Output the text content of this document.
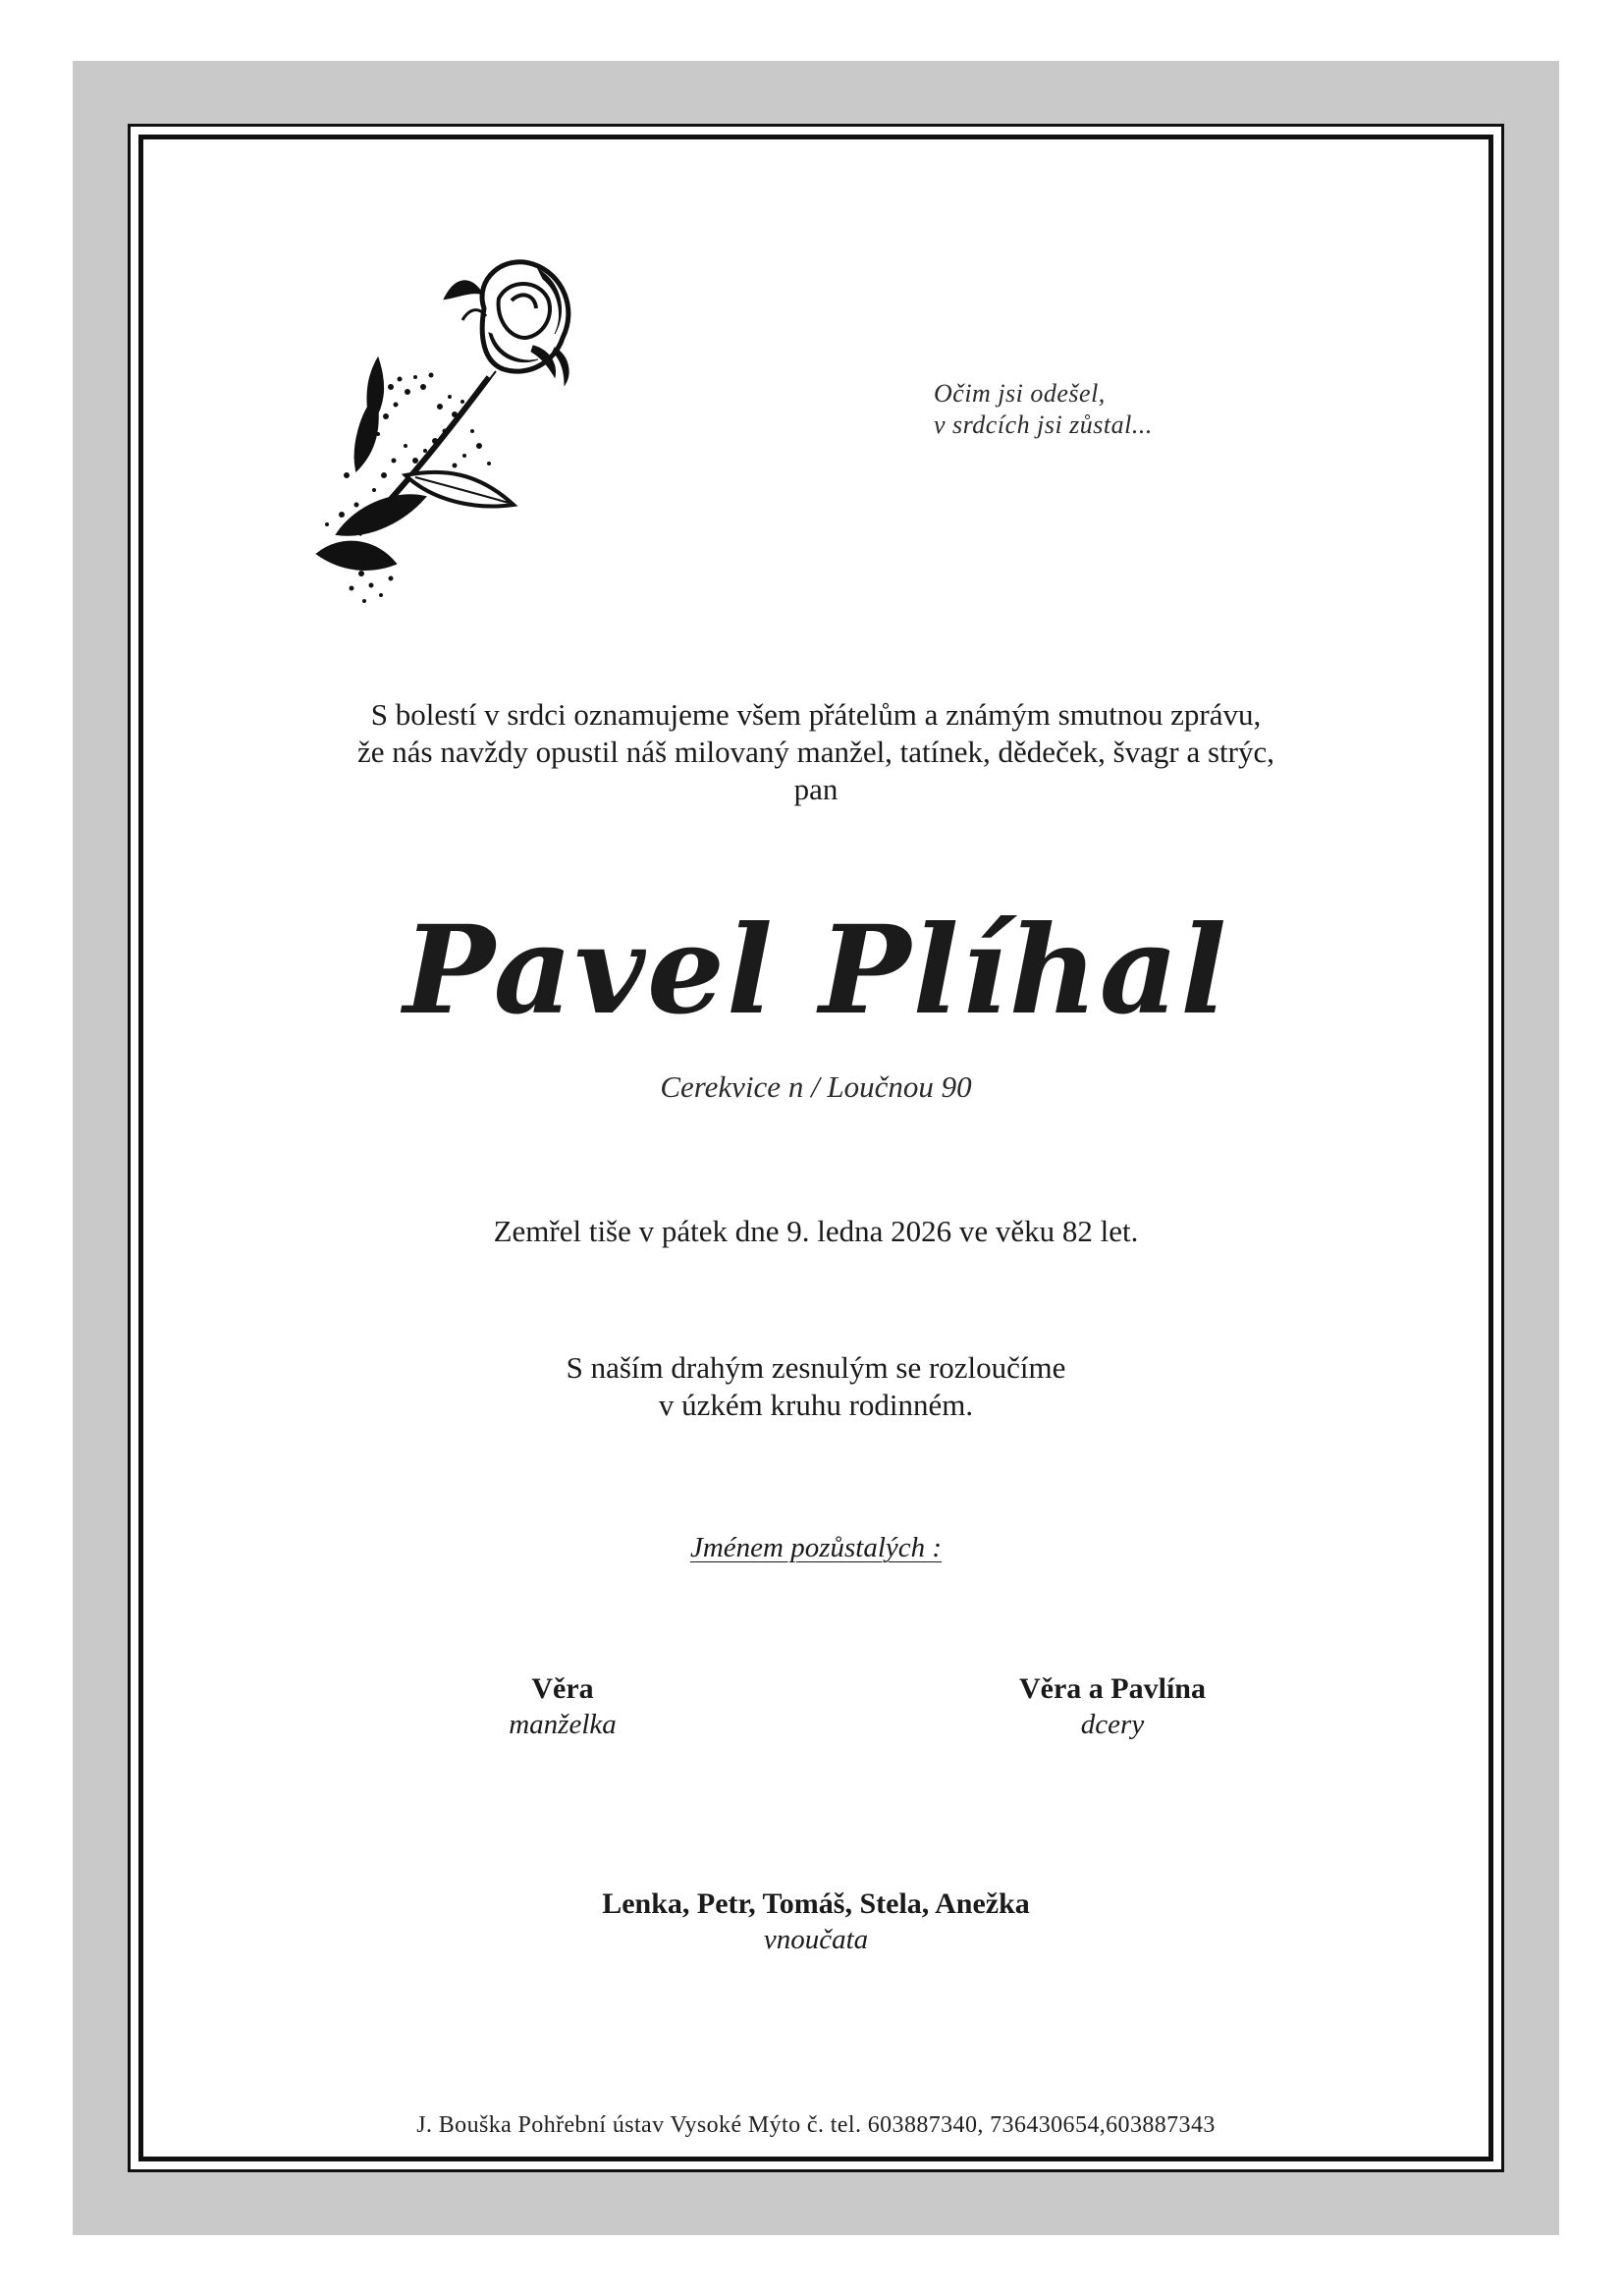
Očim jsi odešel,
v srdcích jsi zůstal...
S bolestí v srdci oznamujeme všem přátelům a známým smutnou zprávu,
že nás navždy opustil náš milovaný manžel, tatínek, dědeček, švagr a strýc,
pan
Pavel Plíhal
Cerekvice n / Loučnou 90
Zemřel tiše v pátek dne 9. ledna 2026 ve věku 82 let.
S naším drahým zesnulým se rozloučíme
v úzkém kruhu rodinném.
Jménem pozůstalých :
Věra
manželka
Věra a Pavlína
dcery
Lenka, Petr, Tomáš, Stela, Anežka
vnoučata
J. Bouška Pohřební ústav Vysoké Mýto č. tel. 603887340, 736430654,603887343
